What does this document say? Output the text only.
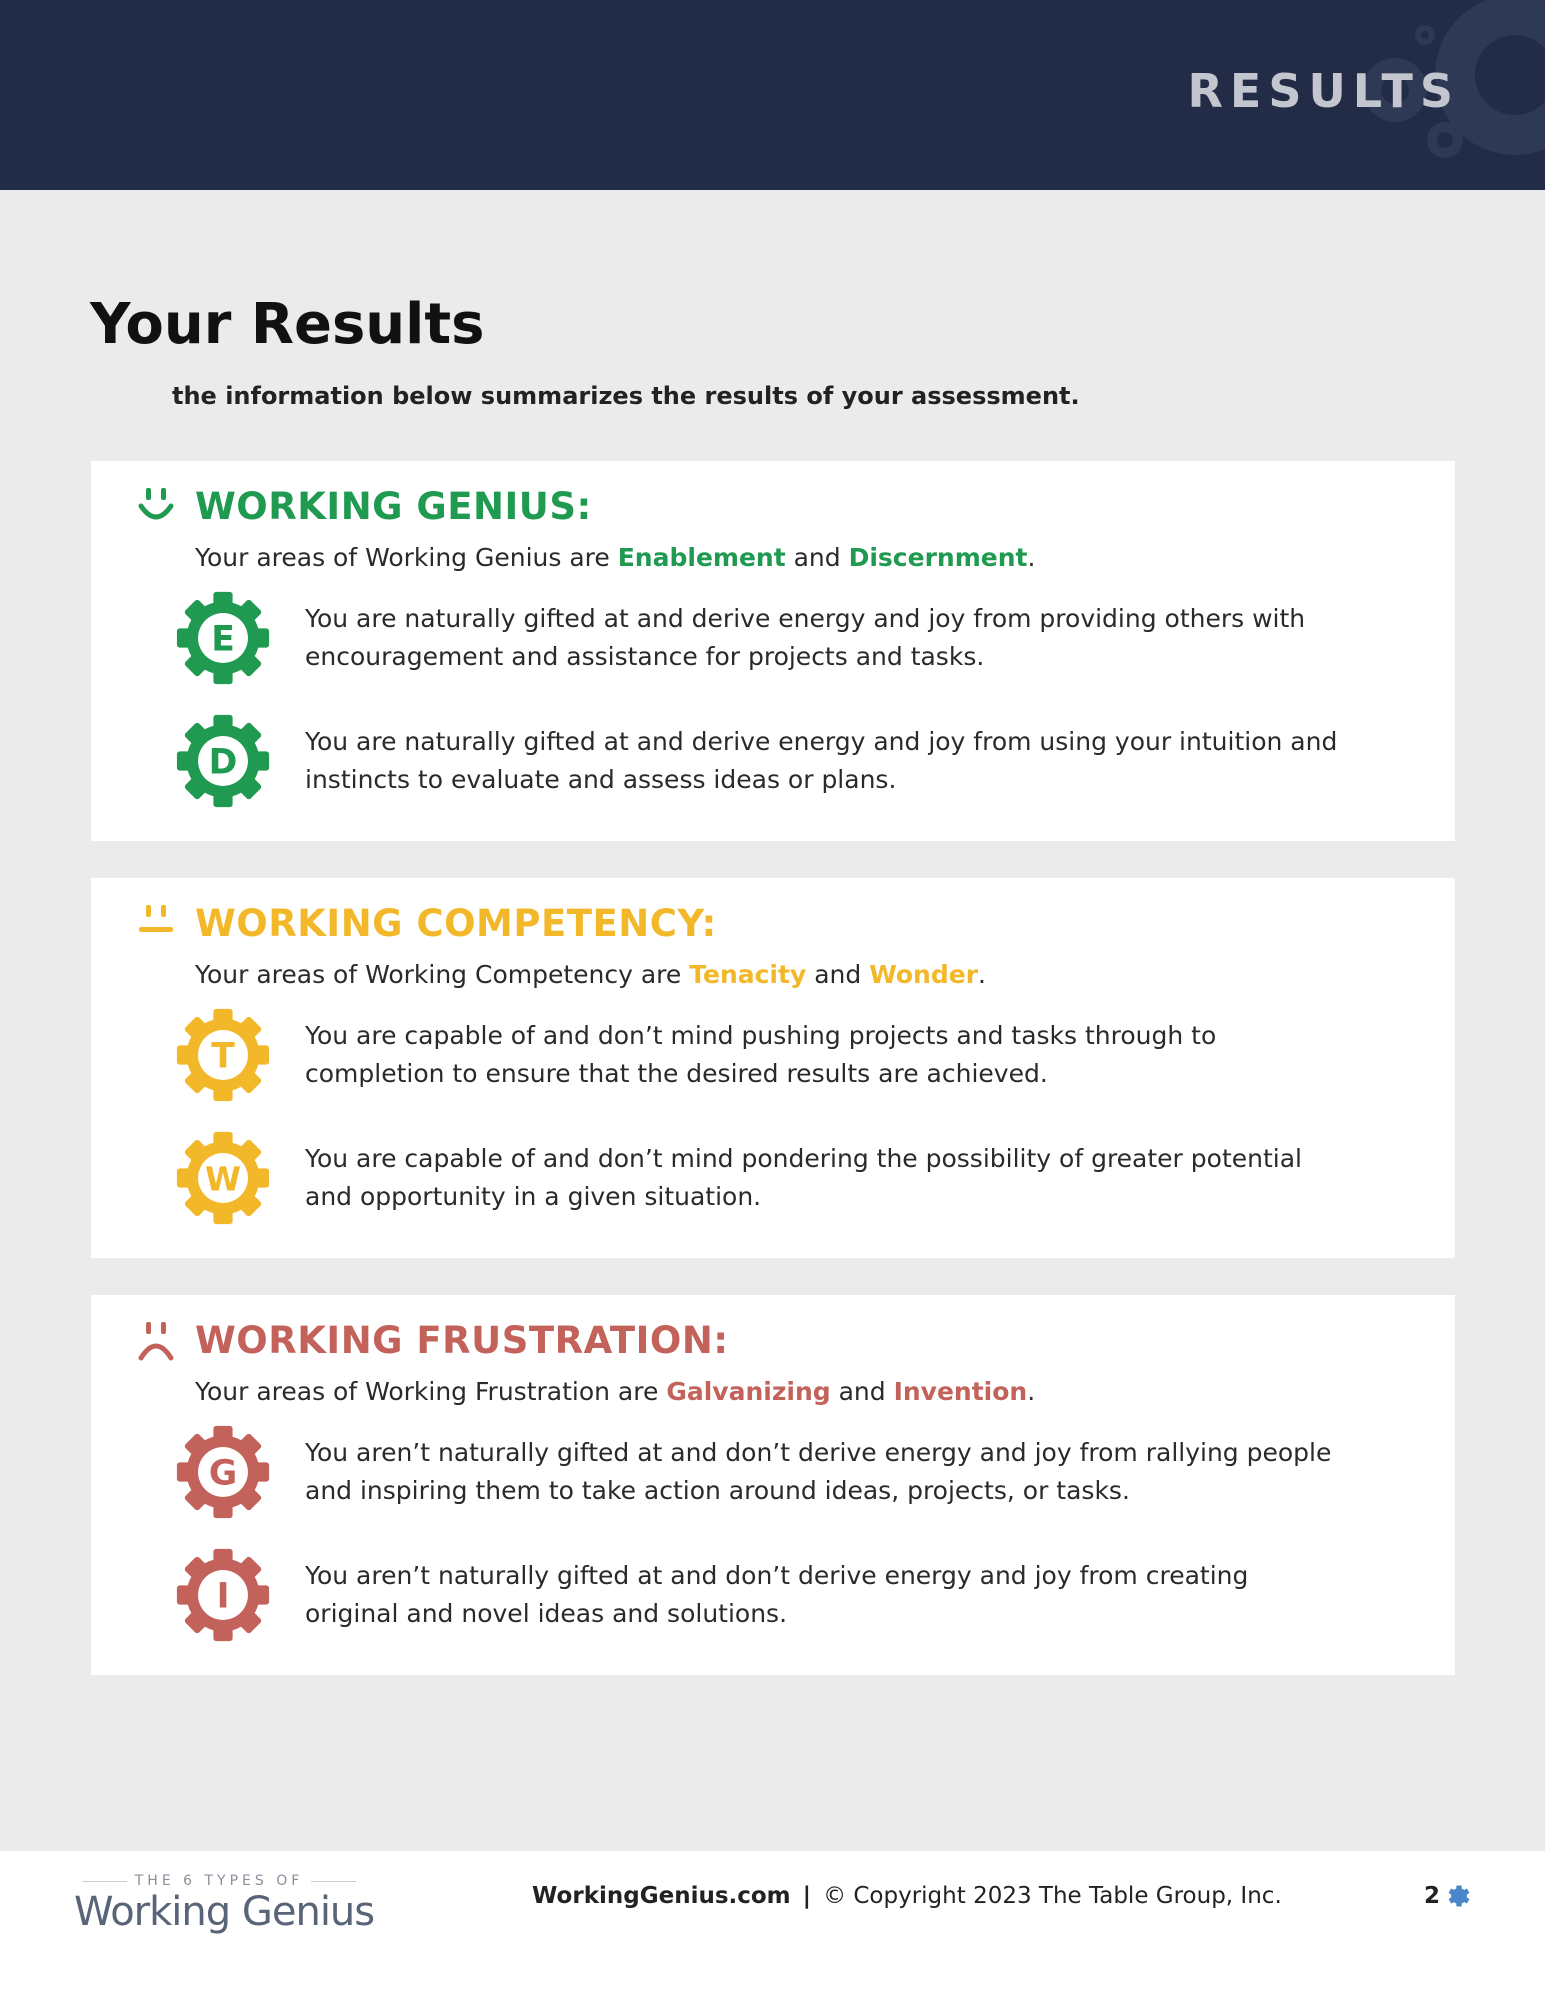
RESULTS
Your Results
the information below summarizes the results of your assessment.
WORKING GENIUS:
Your areas of Working Genius are Enablement and Discernment.
E
You are naturally gifted at and derive energy and joy from providing others with encouragement and assistance for projects and tasks.
D
You are naturally gifted at and derive energy and joy from using your intuition and instincts to evaluate and assess ideas or plans.
WORKING COMPETENCY:
Your areas of Working Competency are Tenacity and Wonder.
T
You are capable of and don’t mind pushing projects and tasks through to completion to ensure that the desired results are achieved.
W
You are capable of and don’t mind pondering the possibility of greater potential and opportunity in a given situation.
WORKING FRUSTRATION:
Your areas of Working Frustration are Galvanizing and Invention.
G
You aren’t naturally gifted at and don’t derive energy and joy from rallying people and inspiring them to take action around ideas, projects, or tasks.
I
You aren’t naturally gifted at and don’t derive energy and joy from creating original and novel ideas and solutions.
THE 6 TYPES OF
Working Genius	WorkingGenius.com | © Copyright 2023 The Table Group, Inc.	2
